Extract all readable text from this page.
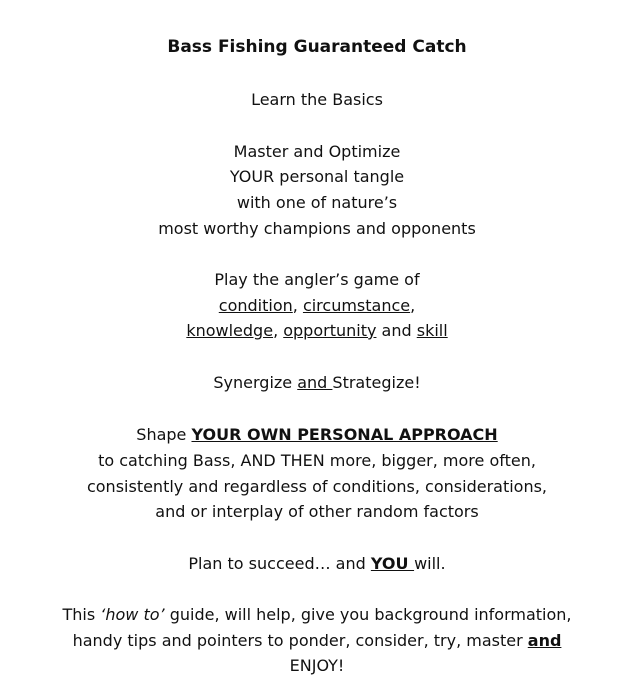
Bass Fishing Guaranteed Catch
Learn the Basics
Master and Optimize
YOUR personal tangle
with one of nature’s
most worthy champions and opponents
Play the angler’s game of
condition, circumstance,
knowledge, opportunity and skill
Synergize and Strategize!
Shape YOUR OWN PERSONAL APPROACH
to catching Bass, AND THEN more, bigger, more often,
consistently and regardless of conditions, considerations,
and or interplay of other random factors
Plan to succeed… and YOU will.
This ‘how to’ guide, will help, give you background information,
handy tips and pointers to ponder, consider, try, master and
ENJOY!
